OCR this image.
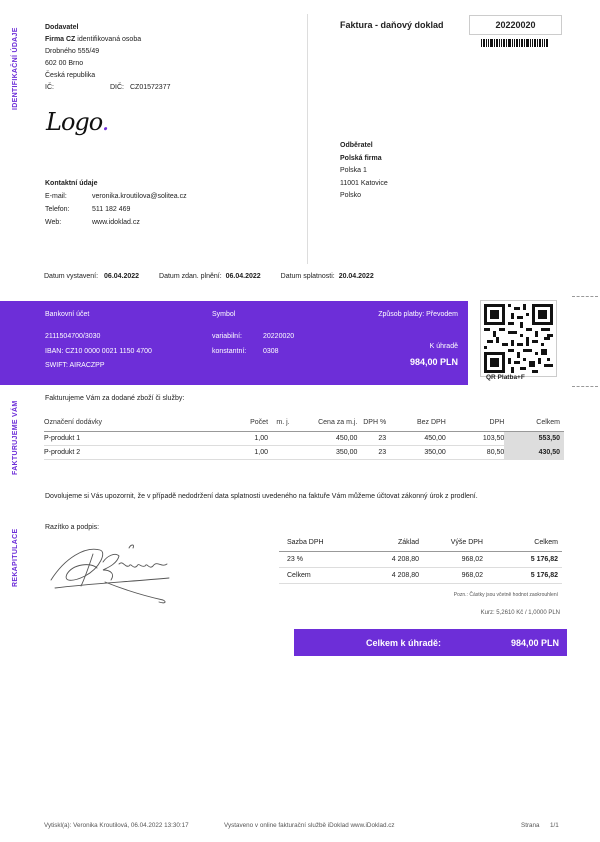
IDENTIFIKAČNÍ ÚDAJE
FAKTURUJEME VÁM
REKAPITULACE
Dodavatel
Firma CZ identifikovaná osoba
Drobného 555/49
602 00 Brno
Česká republika
IČ:	DIČ: CZ01572377
Logo.
Kontaktní údaje
E-mail:	veronika.kroutilova@solitea.cz
Telefon:	511 182 469
Web:	www.idoklad.cz
Faktura - daňový doklad	20220020
Odběratel
Polská firma
Polska 1
11001 Katovice
Polsko
Datum vystavení: 06.04.2022	Datum zdan. plnění: 06.04.2022	Datum splatnosti: 20.04.2022
Bankovní účet
2111504700/3030
IBAN: CZ10 0000 0021 1150 4700
SWIFT: AIRACZPP
Symbol
variabilní:	20220020
konstantní: 0308
Způsob platby: Převodem
K úhradě
984,00 PLN
QR Platba+F
Fakturujeme Vám za dodané zboží či služby:
Označení dodávky	Počet	m. j.	Cena za m.j.	DPH %	Bez DPH	DPH	Celkem
P-produkt 1	1,00		450,00	23	450,00	103,50	553,50
P-produkt 2	1,00		350,00	23	350,00	80,50	430,50
Dovolujeme si Vás upozornit, že v případě nedodržení data splatnosti uvedeného na faktuře Vám můžeme účtovat zákonný úrok z prodlení.
Razítko a podpis:
Sazba DPH	Základ	Výše DPH	Celkem
23 %	4 208,80	968,02	5 176,82
Celkem	4 208,80	968,02	5 176,82
Pozn.: Částky jsou včetně hodnot zaokrouhlení
Kurz: 5,2610 Kč / 1,0000 PLN
Celkem k úhradě:	984,00 PLN
Vytiskl(a): Veronika Kroutilová, 06.04.2022 13:30:17	Vystaveno v online fakturační službě iDoklad www.iDoklad.cz	Strana 1/1
